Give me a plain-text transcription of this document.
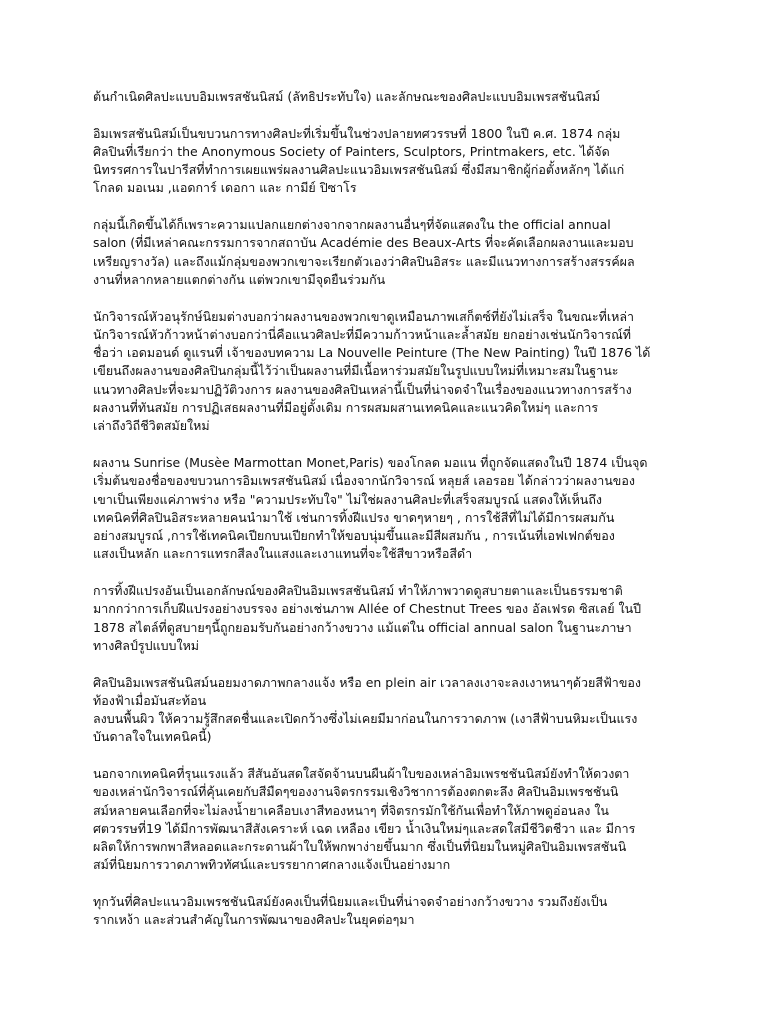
ต้นกำเนิดศิลปะแบบอิมเพรสชันนิสม์ (ลัทธิประทับใจ) และลักษณะของศิลปะแบบอิมเพรสชันนิสม์
อิมเพรสชันนิสม์เป็นขบวนการทางศิลปะที่เริ่มขึ้นในช่วงปลายทศวรรษที่ 1800 ในปี ค.ศ. 1874 กลุ่ม
ศิลปินที่เรียกว่า the Anonymous Society of Painters, Sculptors, Printmakers, etc. ได้จัด
นิทรรศการในปารีสที่ทำการเผยแพร่ผลงานศิลปะแนวอิมเพรสชันนิสม์ ซึ่งมีสมาชิกผู้ก่อตั้งหลักๆ ได้แก่
โกลด มอเนม ,แอดการ์ เดอกา และ กามีย์ ปิซาโร
กลุ่มนี้เกิดขึ้นได้ก็เพราะความแปลกแยกต่างจากจากผลงานอื่นๆที่จัดแสดงใน the official annual
salon (ที่มีเหล่าคณะกรรมการจากสถาบัน Académie des Beaux-Arts ที่จะคัดเลือกผลงานและมอบ
เหรียญรางวัล) และถึงแม้กลุ่มของพวกเขาจะเรียกตัวเองว่าศิลปินอิสระ และมีแนวทางการสร้างสรรค์ผล
งานที่หลากหลายแตกต่างกัน แต่พวกเขามีจุดยืนร่วมกัน
นักวิจารณ์หัวอนุรักษ์นิยมต่างบอกว่าผลงานของพวกเขาดูเหมือนภาพเสก็ตซ์ที่ยังไม่เสร็จ ในขณะที่เหล่า
นักวิจารณ์หัวก้าวหน้าต่างบอกว่านี่คือแนวศิลปะที่มีความก้าวหน้าและล้ำสมัย ยกอย่างเช่นนักวิจารณ์ที่
ชื่อว่า เอดมอนด์ ดูแรนที่ เจ้าของบทความ La Nouvelle Peinture (The New Painting) ในปี 1876 ได้
เขียนถึงผลงานของศิลปินกลุ่มนี้ไว้ว่าเป็นผลงานที่มีเนื้อหาร่วมสมัยในรูปแบบใหม่ที่เหมาะสมในฐานะ
แนวทางศิลปะที่จะมาปฏิวัติวงการ ผลงานของศิลปินเหล่านี้เป็นที่น่าจดจำในเรื่องของแนวทางการสร้าง
ผลงานที่ทันสมัย การปฏิเสธผลงานที่มีอยู่ดั้งเดิม การผสมผสานเทคนิคและแนวคิดใหม่ๆ และการ
เล่าถึงวิถีชีวิตสมัยใหม่
ผลงาน Sunrise (Musèe Marmottan Monet,Paris) ของโกลด มอแน ที่ถูกจัดแสดงในปี 1874 เป็นจุด
เริ่มต้นของชื่อของขบวนการอิมเพรสชันนิสม์ เนื่องจากนักวิจารณ์ หลุยส์ เลอรอย ได้กล่าวว่าผลงานของ
เขาเป็นเพียงแค่ภาพร่าง หรือ "ความประทับใจ" ไม่ใช่ผลงานศิลปะที่เสร็จสมบูรณ์ แสดงให้เห็นถึง
เทคนิคที่ศิลปินอิสระหลายคนนำมาใช้ เช่นการทิ้งฝีแปรง ขาดๆหายๆ , การใช้สีที่ไม่ได้มีการผสมกัน
อย่างสมบูรณ์ ,การใช้เทคนิคเปียกบนเปียกทำให้ขอบนุ่มขึ้นและมีสีผสมกัน , การเน้นที่เอฟเฟกต์ของ
แสงเป็นหลัก และการแทรกสีลงในแสงและเงาแทนที่จะใช้สีขาวหรือสีดำ
การทิ้งฝีแปรงอันเป็นเอกลักษณ์ของศิลปินอิมเพรสชันนิสม์ ทำให้ภาพวาดดูสบายตาและเป็นธรรมชาติ
มากกว่าการเก็บฝีแปรงอย่างบรรจง อย่างเช่นภาพ Allée of Chestnut Trees ของ อัลเฟรด ซิสเลย์ ในปี
1878 สไตล์ที่ดูสบายๆนี้ถูกยอมรับกันอย่างกว้างขวาง แม้แต่ใน official annual salon ในฐานะภาษา
ทางศิลป์รูปแบบใหม่
ศิลปินอิมเพรสชันนิสม์นอยมงาดภาพกลางแจ้ง หรือ en plein air เวลาลงเงาจะลงเงาหนาๆด้วยสีฟ้าของ
ท้องฟ้าเมื่อมันสะท้อน
ลงบนพื้นผิว ให้ความรู้สึกสดชื่นและเปิดกว้างซึ่งไม่เคยมีมาก่อนในการวาดภาพ (เงาสีฟ้าบนหิมะเป็นแรง
บันดาลใจในเทคนิคนี้)
นอกจากเทคนิคที่รุนแรงแล้ว สีสันอันสดใสจัดจ้านบนผืนผ้าใบของเหล่าอิมเพรชชันนิสม์ยังทำให้ดวงตา
ของเหล่านักวิจารณ์ที่คุ้นเคยกับสีมืดๆของงานจิตรกรรมเชิงวิชาการต้องตกตะลึง ศิลปินอิมเพรชชันนิ
สม์หลายคนเลือกที่จะไม่ลงน้ำยาเคลือบเงาสีทองหนาๆ ที่จิตรกรมักใช้กันเพื่อทำให้ภาพดูอ่อนลง ใน
ศตวรรษที่19 ได้มีการพัฒนาสีสังเคราะห์ เฉด เหลือง เขียว น้ำเงินใหม่ๆและสดใสมีชีวิตชีวา และ มีการ
ผลิตให้การพกพาสีหลอดและกระดานผ้าใบให้พกพาง่ายขึ้นมาก ซึ่งเป็นที่นิยมในหมู่ศิลปินอิมเพรสชันนิ
สม์ที่นิยมการวาดภาพทิวทัศน์และบรรยากาศกลางแจ้งเป็นอย่างมาก
ทุกวันที่ศิลปะแนวอิมเพรชชันนิสม์ยังคงเป็นที่นิยมและเป็นที่น่าจดจำอย่างกว้างขวาง รวมถึงยังเป็น
รากเหง้า และส่วนสำคัญในการพัฒนาของศิลปะในยุคต่อๆมา
